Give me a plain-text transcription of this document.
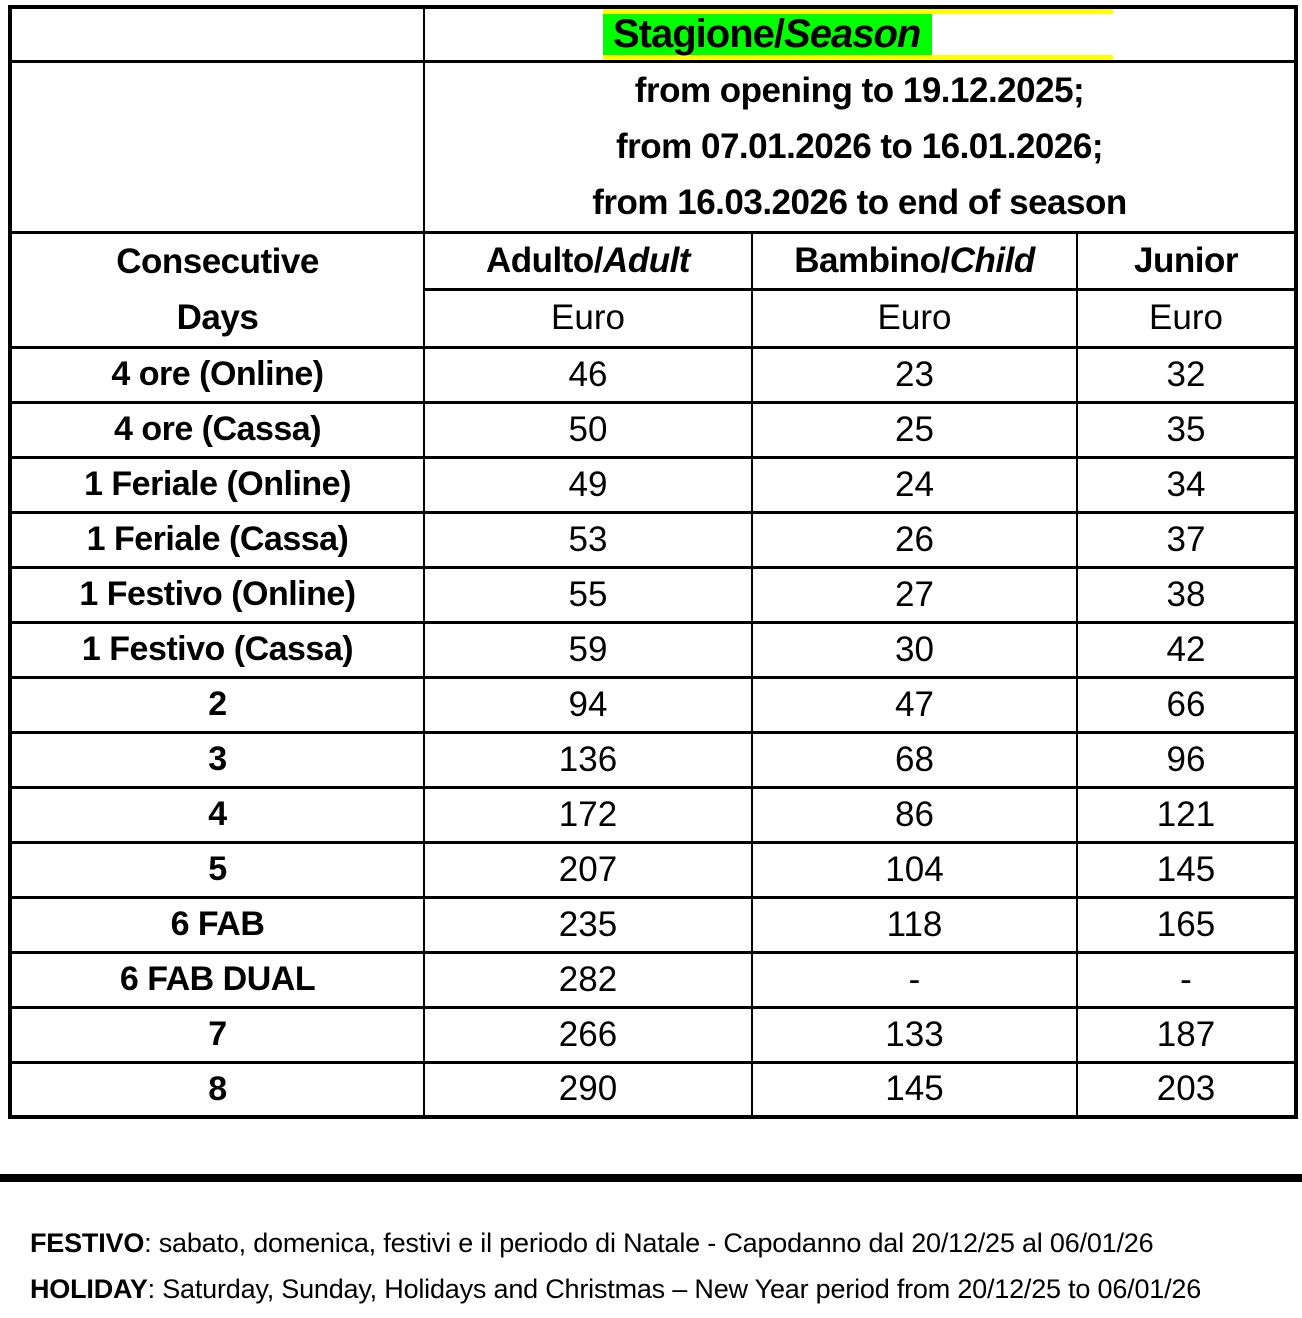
	Stagione/ Season		

	from opening to 19.12.2025;
from 07.01.2026 to 16.01.2026;
from 16.03.2026 to end of season		

Consecutive
Days	Adulto/Adult	Bambino/Child	Junior
	Euro	Euro	Euro
4 ore (Online)	46	23	32
4 ore (Cassa)	50	25	35
1 Feriale (Online)	49	24	34
1 Feriale (Cassa)	53	26	37
1 Festivo (Online)	55	27	38
1 Festivo (Cassa)	59	30	42
2	94	47	66
3	136	68	96
4	172	86	121
5	207	104	145
6 FAB	235	118	165
6 FAB DUAL	282	-	-
7	266	133	187
8	290	145	203

FESTIVO: sabato, domenica, festivi e il periodo di Natale - Capodanno dal 20/12/25 al 06/01/26

HOLIDAY: Saturday, Sunday, Holidays and Christmas – New Year period from 20/12/25 to 06/01/26
